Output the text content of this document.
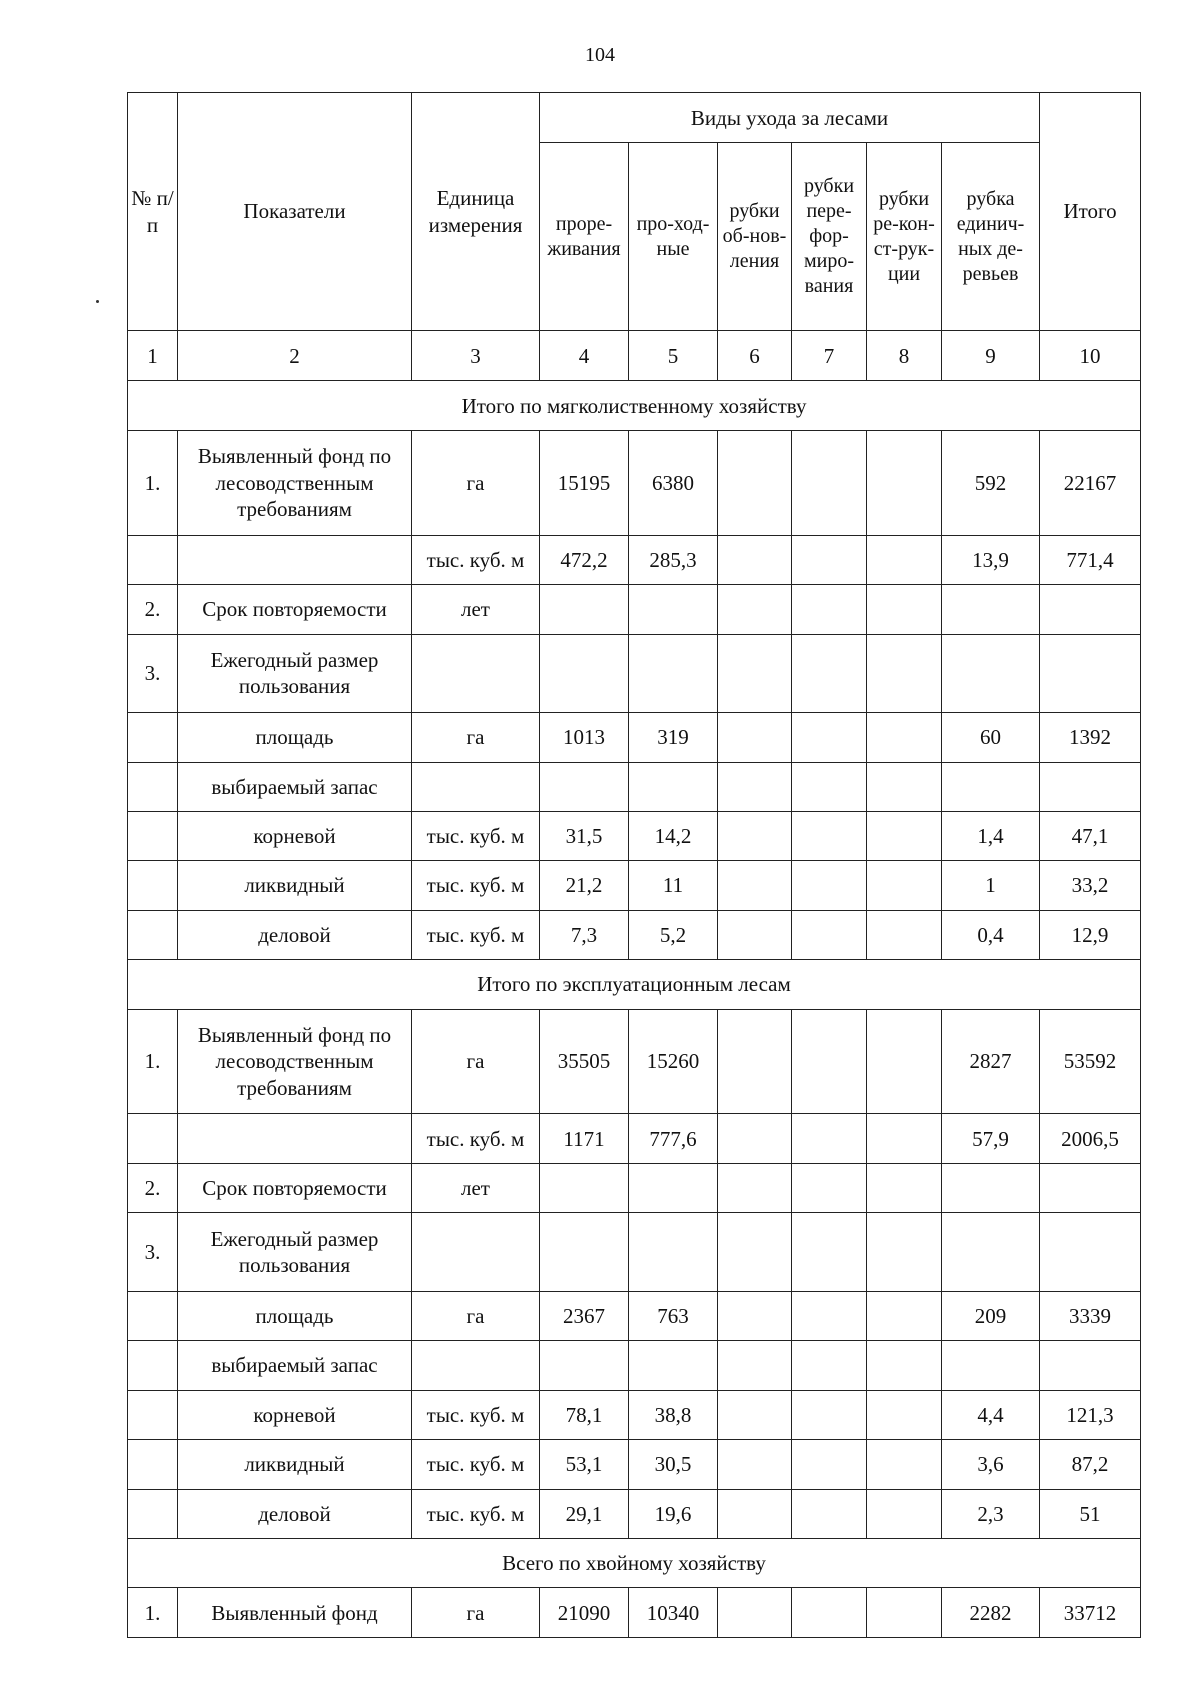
104
№ п/п	Показатели	Единица измерения	Виды ухода за лесами						Итого
			проре-живания	про-ход-ные	рубки об-нов-ления	рубки пере-фор-миро-вания	рубки ре-кон-ст-рук-ции	рубка единич-ных де-ревьев	
1	2	3	4	5	6	7	8	9	10
Итого по мягколиственному хозяйству									
1.	Выявленный фонд по лесоводственным требованиям	га	15195	6380				592	22167
		тыс. куб. м	472,2	285,3				13,9	771,4
2.	Срок повторяемости	лет							
3.	Ежегодный размер пользования								
	площадь	га	1013	319				60	1392
	выбираемый запас								
	корневой	тыс. куб. м	31,5	14,2				1,4	47,1
	ликвидный	тыс. куб. м	21,2	11				1	33,2
	деловой	тыс. куб. м	7,3	5,2				0,4	12,9
Итого по эксплуатационным лесам									
1.	Выявленный фонд по лесоводственным требованиям	га	35505	15260				2827	53592
		тыс. куб. м	1171	777,6				57,9	2006,5
2.	Срок повторяемости	лет							
3.	Ежегодный размер пользования								
	площадь	га	2367	763				209	3339
	выбираемый запас								
	корневой	тыс. куб. м	78,1	38,8				4,4	121,3
	ликвидный	тыс. куб. м	53,1	30,5				3,6	87,2
	деловой	тыс. куб. м	29,1	19,6				2,3	51
Всего по хвойному хозяйству									
1.	Выявленный фонд	га	21090	10340				2282	33712
